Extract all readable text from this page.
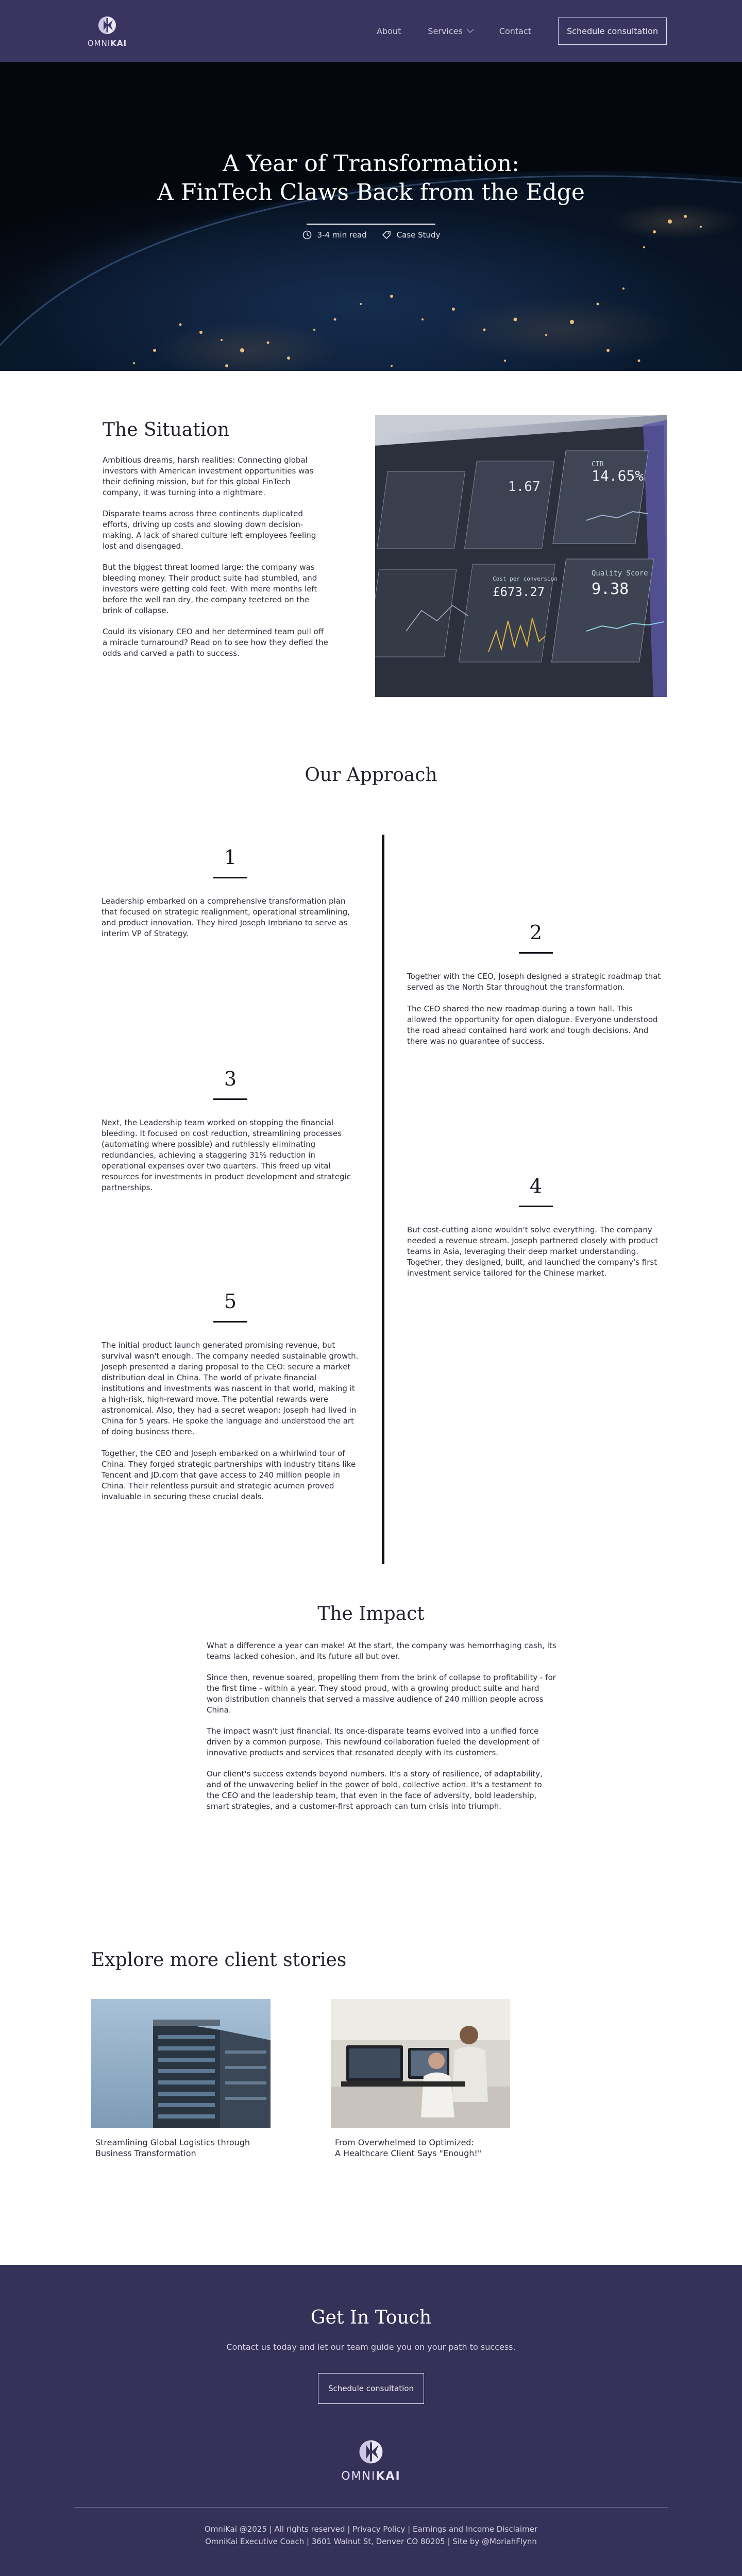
OMNIKAI
About	Services	Contact	Schedule consultation
A Year of Transformation:
A FinTech Claws Back from the Edge
3-4 min read	Case Study
The Situation

Ambitious dreams, harsh realities: Connecting global investors with American investment opportunities was their defining mission, but for this global FinTech company, it was turning into a nightmare.

Disparate teams across three continents duplicated efforts, driving up costs and slowing down decision-making. A lack of shared culture left employees feeling lost and disengaged.

But the biggest threat loomed large: the company was bleeding money. Their product suite had stumbled, and investors were getting cold feet. With mere months left before the well ran dry, the company teetered on the brink of collapse.

Could its visionary CEO and her determined team pull off a miracle turnaround? Read on to see how they defied the odds and carved a path to success.

1.67
CTR
14.65%
Cost per conversion
£673.27
Quality Score
9.38
Our Approach
1

Leadership embarked on a comprehensive transformation plan that focused on strategic realignment, operational streamlining, and product innovation. They hired Joseph Imbriano to serve as interim VP of Strategy.	2

Together with the CEO, Joseph designed a strategic roadmap that served as the North Star throughout the transformation.

The CEO shared the new roadmap during a town hall. This allowed the opportunity for open dialogue. Everyone understood the road ahead contained hard work and tough decisions. And there was no guarantee of success.

3

Next, the Leadership team worked on stopping the financial bleeding. It focused on cost reduction, streamlining processes (automating where possible) and ruthlessly eliminating redundancies, achieving a staggering 31% reduction in operational expenses over two quarters. This freed up vital resources for investments in product development and strategic partnerships.	4

But cost-cutting alone wouldn't solve everything. The company needed a revenue stream. Joseph partnered closely with product teams in Asia, leveraging their deep market understanding. Together, they designed, built, and launched the company's first investment service tailored for the Chinese market.

5

The initial product launch generated promising revenue, but survival wasn't enough. The company needed sustainable growth. Joseph presented a daring proposal to the CEO: secure a market distribution deal in China. The world of private financial institutions and investments was nascent in that world, making it a high-risk, high-reward move. The potential rewards were astronomical. Also, they had a secret weapon: Joseph had lived in China for 5 years. He spoke the language and understood the art of doing business there.

Together, the CEO and Joseph embarked on a whirlwind tour of China. They forged strategic partnerships with industry titans like Tencent and JD.com that gave access to 240 million people in China. Their relentless pursuit and strategic acumen proved invaluable in securing these crucial deals.

The Impact

What a difference a year can make! At the start, the company was hemorrhaging cash, its teams lacked cohesion, and its future all but over.

Since then, revenue soared, propelling them from the brink of collapse to profitability - for the first time - within a year. They stood proud, with a growing product suite and hard won distribution channels that served a massive audience of 240 million people across China.

The impact wasn't just financial. Its once-disparate teams evolved into a unified force driven by a common purpose. This newfound collaboration fueled the development of innovative products and services that resonated deeply with its customers.

Our client's success extends beyond numbers. It's a story of resilience, of adaptability, and of the unwavering belief in the power of bold, collective action. It's a testament to the CEO and the leadership team, that even in the face of adversity, bold leadership, smart strategies, and a customer-first approach can turn crisis into triumph.

Explore more client stories
Streamlining Global Logistics through
Business Transformation
From Overwhelmed to Optimized:
A Healthcare Client Says "Enough!"
Get In Touch
Contact us today and let our team guide you on your path to success.
Schedule consultation
OMNIKAI
OmniKai @2025 | All rights reserved | Privacy Policy | Earnings and Income Disclaimer
OmniKai Executive Coach | 3601 Walnut St, Denver CO 80205 | Site by @MoriahFlynn
